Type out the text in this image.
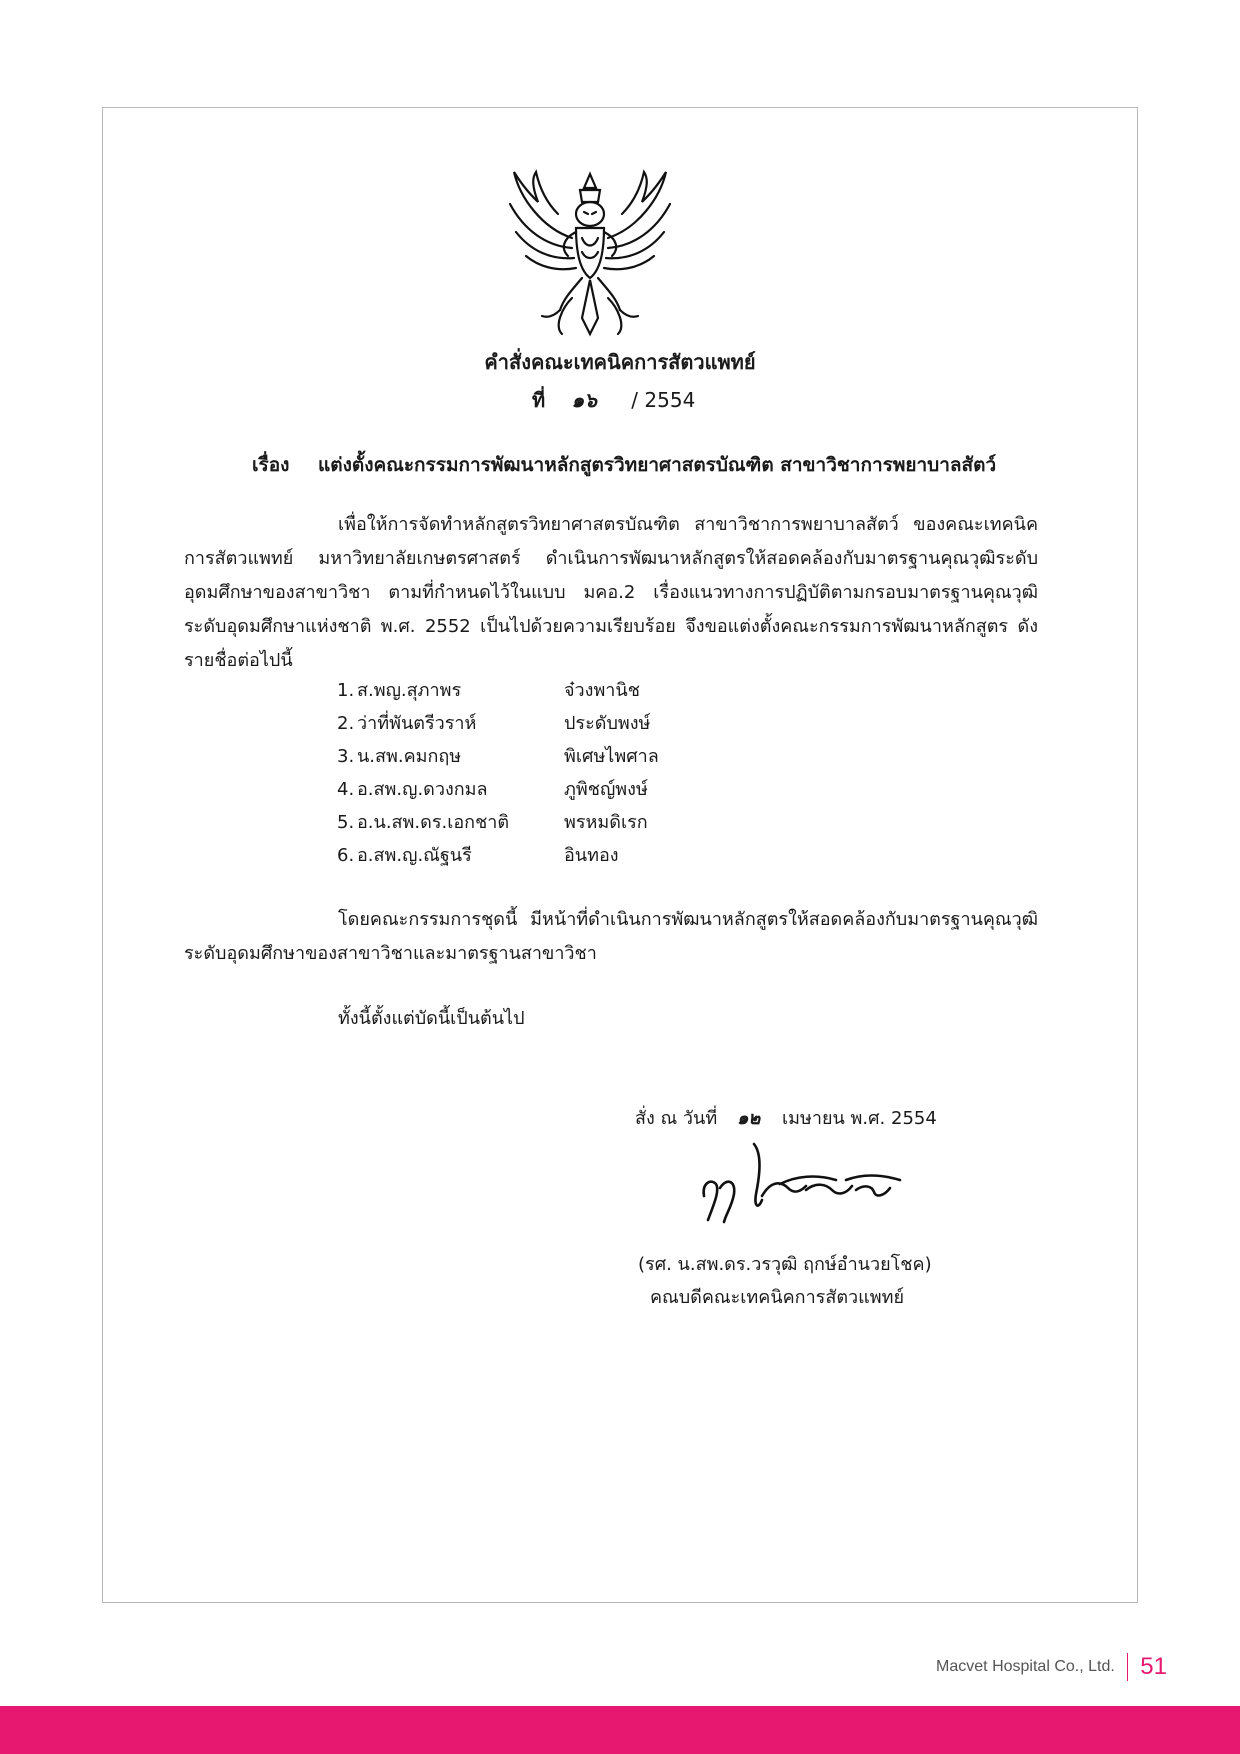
คำสั่งคณะเทคนิคการสัตวแพทย์
ที่ ๑๖ / 2554
เรื่อง แต่งตั้งคณะกรรมการพัฒนาหลักสูตรวิทยาศาสตรบัณฑิต สาขาวิชาการพยาบาลสัตว์

เพื่อให้การจัดทำหลักสูตรวิทยาศาสตรบัณฑิต สาขาวิชาการพยาบาลสัตว์ ของคณะเทคนิคการสัตวแพทย์ มหาวิทยาลัยเกษตรศาสตร์ ดำเนินการพัฒนาหลักสูตรให้สอดคล้องกับมาตรฐานคุณวุฒิระดับอุดมศึกษาของสาขาวิชา ตามที่กำหนดไว้ในแบบ มคอ.2 เรื่องแนวทางการปฏิบัติตามกรอบมาตรฐานคุณวุฒิระดับอุดมศึกษาแห่งชาติ พ.ศ. 2552 เป็นไปด้วยความเรียบร้อย จึงขอแต่งตั้งคณะกรรมการพัฒนาหลักสูตร ดังรายชื่อต่อไปนี้

1. ส.พญ.สุภาพร	จ๋วงพานิช
2. ว่าที่พันตรีวราห์	ประดับพงษ์
3. น.สพ.คมกฤษ	พิเศษไพศาล
4. อ.สพ.ญ.ดวงกมล	ภูพิชญ์พงษ์
5. อ.น.สพ.ดร.เอกชาติ	พรหมดิเรก
6. อ.สพ.ญ.ณัฐนรี	อินทอง

โดยคณะกรรมการชุดนี้ มีหน้าที่ดำเนินการพัฒนาหลักสูตรให้สอดคล้องกับมาตรฐานคุณวุฒิระดับอุดมศึกษาของสาขาวิชาและมาตรฐานสาขาวิชา

ทั้งนี้ตั้งแต่บัดนี้เป็นต้นไป
สั่ง ณ วันที่ ๑๒ เมษายน พ.ศ. 2554
(รศ. น.สพ.ดร.วรวุฒิ ฤกษ์อำนวยโชค)
คณบดีคณะเทคนิคการสัตวแพทย์
Macvet Hospital Co., Ltd. 51
